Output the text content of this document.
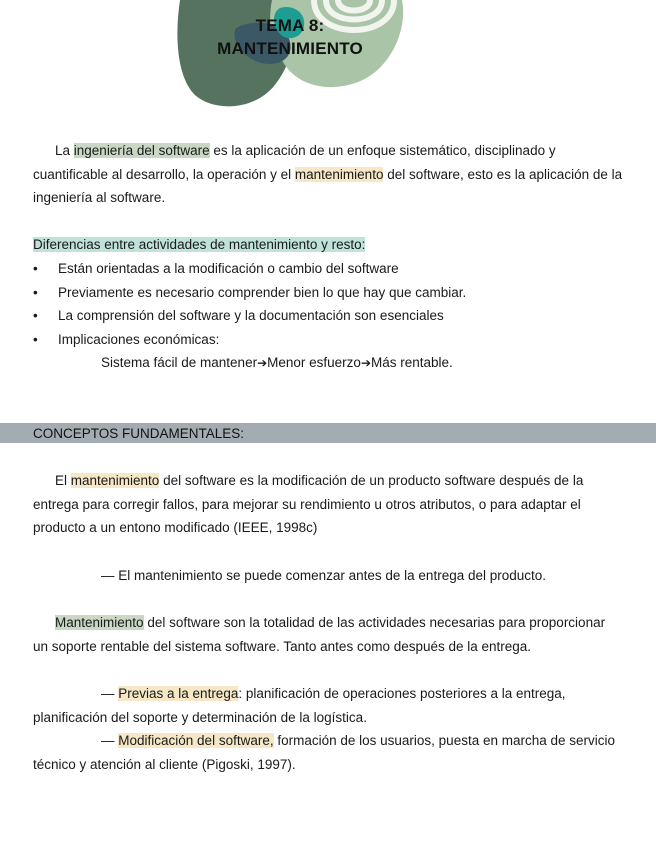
TEMA 8:
MANTENIMIENTO

La ingeniería del software es la aplicación de un enfoque sistemático, disciplinado y cuantificable al desarrollo, la operación y el mantenimiento del software, esto es la aplicación de la ingeniería al software.

Diferencias entre actividades de mantenimiento y resto:
• Están orientadas a la modificación o cambio del software
• Previamente es necesario comprender bien lo que hay que cambiar.
• La comprensión del software y la documentación son esenciales
• Implicaciones económicas:
Sistema fácil de mantener➔Menor esfuerzo➔Más rentable.
CONCEPTOS FUNDAMENTALES:

El mantenimiento del software es la modificación de un producto software después de la entrega para corregir fallos, para mejorar su rendimiento u otros atributos, o para adaptar el producto a un entono modificado (IEEE, 1998c)

— El mantenimiento se puede comenzar antes de la entrega del producto.

Mantenimiento del software son la totalidad de las actividades necesarias para proporcionar un soporte rentable del sistema software. Tanto antes como después de la entrega.

— Previas a la entrega: planificación de operaciones posteriores a la entrega, planificación del soporte y determinación de la logística.

— Modificación del software, formación de los usuarios, puesta en marcha de servicio técnico y atención al cliente (Pigoski, 1997).
